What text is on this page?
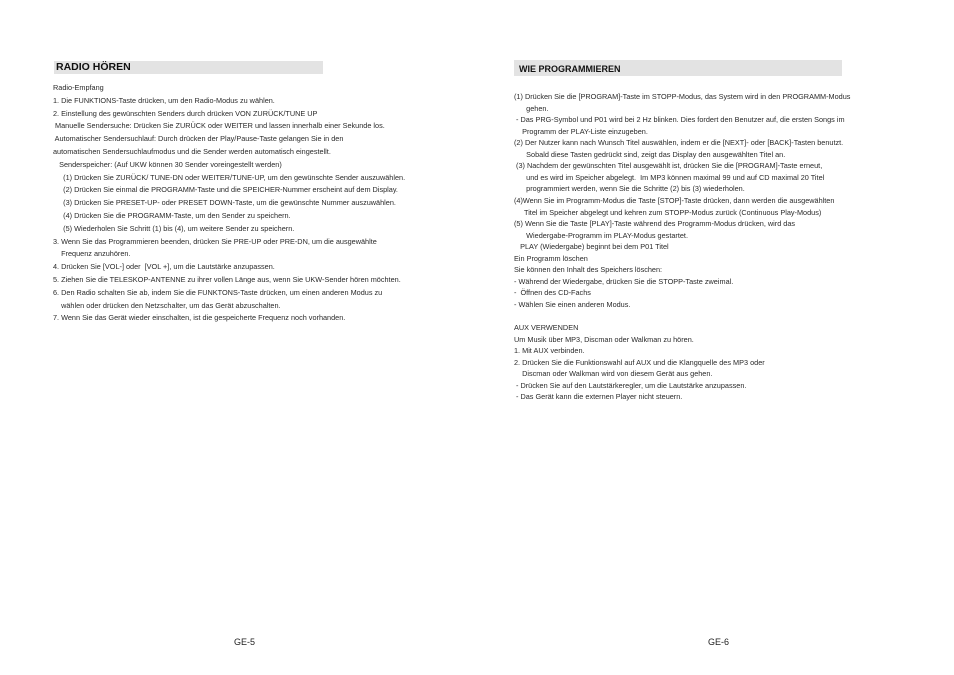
RADIO HÖREN
Radio-Empfang
1. Die FUNKTIONS-Taste drücken, um den Radio-Modus zu wählen.
2. Einstellung des gewünschten Senders durch drücken VON ZURÜCK/TUNE UP
Manuelle Sendersuche: Drücken Sie ZURÜCK oder WEITER und lassen innerhalb einer Sekunde los.
Automatischer Sendersuchlauf: Durch drücken der Play/Pause-Taste gelangen Sie in den
automatischen Sendersuchlaufmodus und die Sender werden automatisch eingestellt.
Senderspeicher: (Auf UKW können 30 Sender voreingestellt werden)
(1) Drücken Sie ZURÜCK/ TUNE-DN oder WEITER/TUNE-UP, um den gewünschte Sender auszuwählen.
(2) Drücken Sie einmal die PROGRAMM-Taste und die SPEICHER-Nummer erscheint auf dem Display.
(3) Drücken Sie PRESET-UP- oder PRESET DOWN-Taste, um die gewünschte Nummer auszuwählen.
(4) Drücken Sie die PROGRAMM-Taste, um den Sender zu speichern.
(5) Wiederholen Sie Schritt (1) bis (4), um weitere Sender zu speichern.
3. Wenn Sie das Programmieren beenden, drücken Sie PRE-UP oder PRE-DN, um die ausgewählte
Frequenz anzuhören.
4. Drücken Sie [VOL-] oder  [VOL +], um die Lautstärke anzupassen.
5. Ziehen Sie die TELESKOP-ANTENNE zu ihrer vollen Länge aus, wenn Sie UKW-Sender hören möchten.
6. Den Radio schalten Sie ab, indem Sie die FUNKTONS-Taste drücken, um einen anderen Modus zu
wählen oder drücken den Netzschalter, um das Gerät abzuschalten.
7. Wenn Sie das Gerät wieder einschalten, ist die gespeicherte Frequenz noch vorhanden.
GE-5
WIE PROGRAMMIEREN
(1) Drücken Sie die [PROGRAM]-Taste im STOPP-Modus, das System wird in den PROGRAMM-Modus
gehen.
- Das PRG-Symbol und P01 wird bei 2 Hz blinken. Dies fordert den Benutzer auf, die ersten Songs im
Programm der PLAY-Liste einzugeben.
(2) Der Nutzer kann nach Wunsch Titel auswählen, indem er die [NEXT]- oder [BACK]-Tasten benutzt.
Sobald diese Tasten gedrückt sind, zeigt das Display den ausgewählten Titel an.
(3) Nachdem der gewünschten Titel ausgewählt ist, drücken Sie die [PROGRAM]-Taste erneut,
und es wird im Speicher abgelegt.  Im MP3 können maximal 99 und auf CD maximal 20 Titel
programmiert werden, wenn Sie die Schritte (2) bis (3) wiederholen.
(4)Wenn Sie im Programm-Modus die Taste [STOP]-Taste drücken, dann werden die ausgewählten
Titel im Speicher abgelegt und kehren zum STOPP-Modus zurück (Continuous Play-Modus)
(5) Wenn Sie die Taste [PLAY]-Taste während des Programm-Modus drücken, wird das
Wiedergabe-Programm im PLAY-Modus gestartet.
PLAY (Wiedergabe) beginnt bei dem P01 Titel
Ein Programm löschen
Sie können den Inhalt des Speichers löschen:
- Während der Wiedergabe, drücken Sie die STOPP-Taste zweimal.
-  Öffnen des CD-Fachs
- Wählen Sie einen anderen Modus.
AUX VERWENDEN
Um Musik über MP3, Discman oder Walkman zu hören.
1. Mit AUX verbinden.
2. Drücken Sie die Funktionswahl auf AUX und die Klangquelle des MP3 oder
Discman oder Walkman wird von diesem Gerät aus gehen.
- Drücken Sie auf den Lautstärkeregler, um die Lautstärke anzupassen.
- Das Gerät kann die externen Player nicht steuern.
GE-6
